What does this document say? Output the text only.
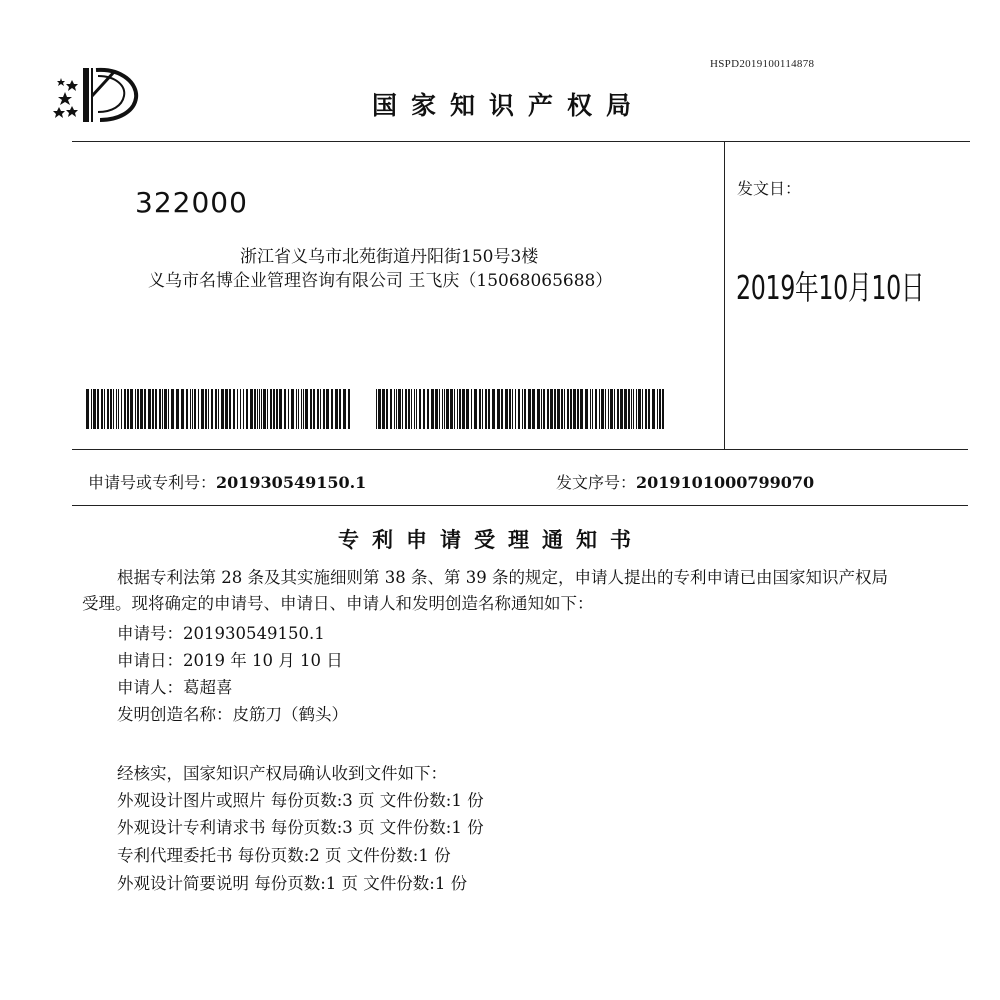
HSPD2019100114878
国家知识产权局
322000
浙江省义乌市北苑街道丹阳街150号3楼
义乌市名博企业管理咨询有限公司 王飞庆（15068065688）
发文日：
2019年10月10日
申请号或专利号：201930549150.1	发文序号：2019101000799070
专利申请受理通知书
根据专利法第 28 条及其实施细则第 38 条、第 39 条的规定，申请人提出的专利申请已由国家知识产权局
受理。现将确定的申请号、申请日、申请人和发明创造名称通知如下：
申请号：201930549150.1
申请日：2019 年 10 月 10 日
申请人：葛超喜
发明创造名称：皮筋刀（鹤头）
经核实，国家知识产权局确认收到文件如下：
外观设计图片或照片 每份页数:3 页 文件份数:1 份
外观设计专利请求书 每份页数:3 页 文件份数:1 份
专利代理委托书 每份页数:2 页 文件份数:1 份
外观设计简要说明 每份页数:1 页 文件份数:1 份
